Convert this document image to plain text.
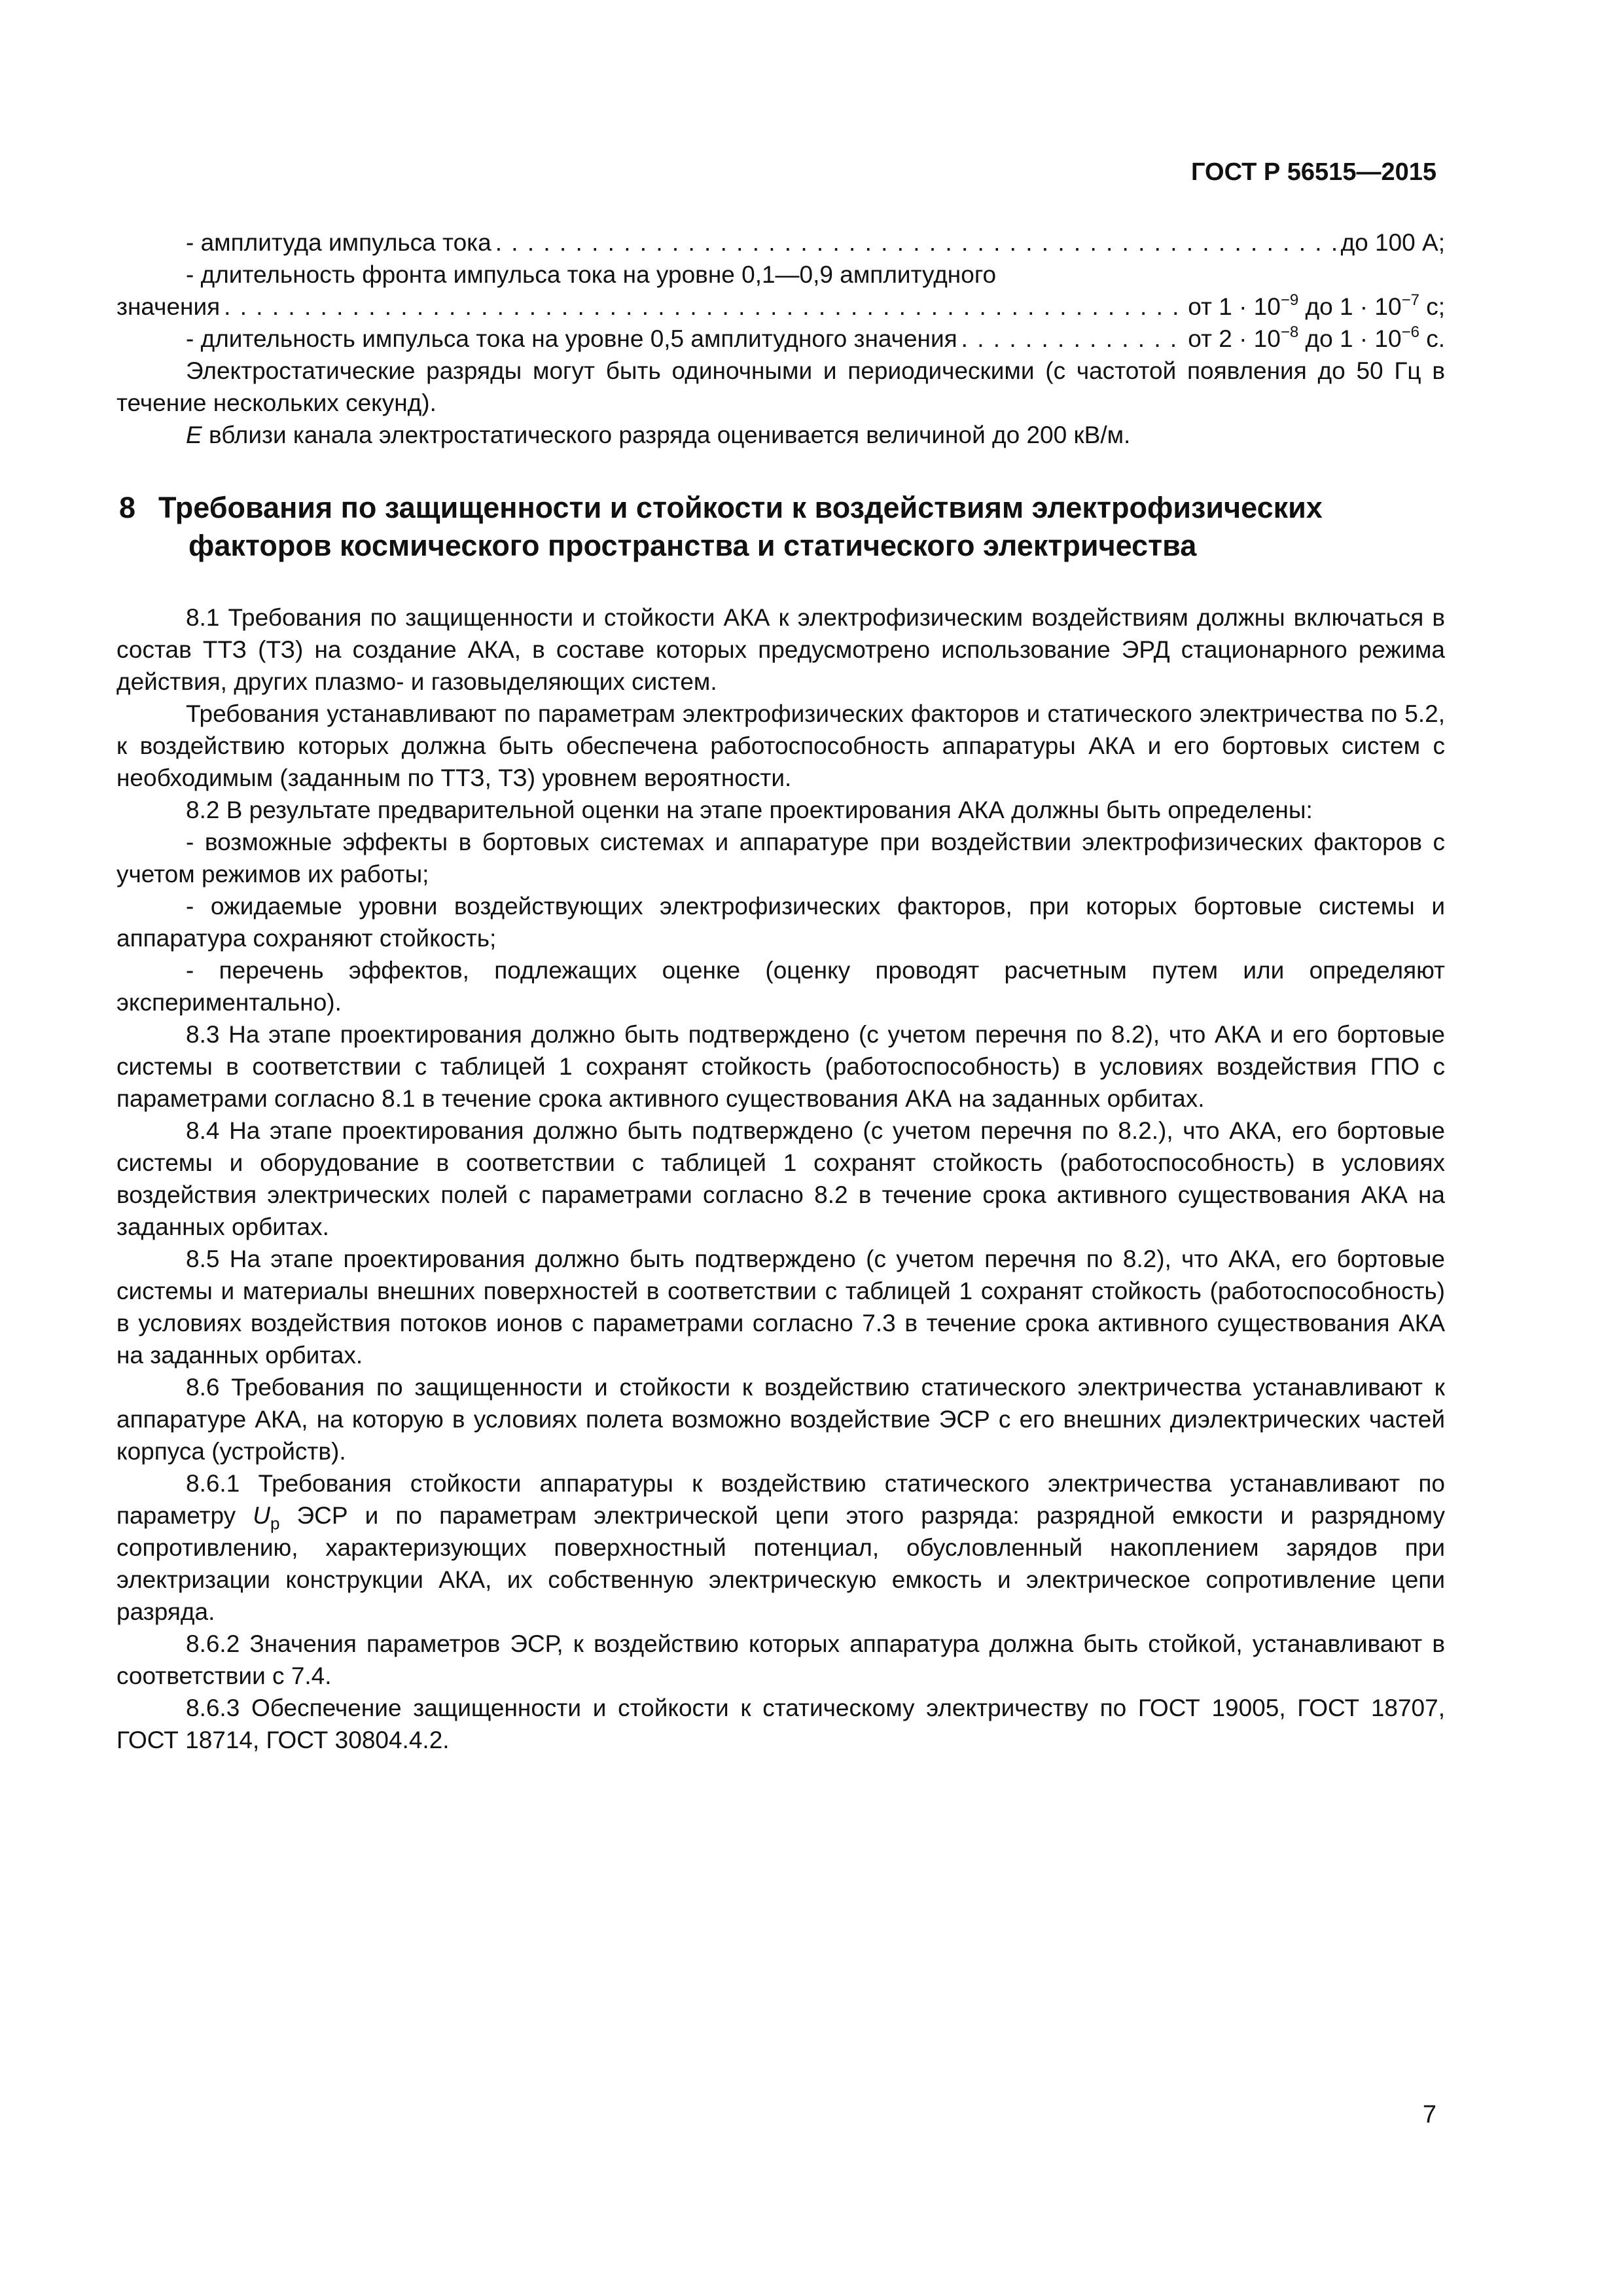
ГОСТ Р 56515—2015
- амплитуда импульса тока . . .	до 100 А;

- длительность фронта импульса тока на уровне 0,1—0,9 амплитудного

значения . . .	от $1 \cdot 10^{-9}$ до $1 \cdot 10^{-7}$ с;
- длительность импульса тока на уровне 0,5 амплитудного значения . . .	от $2 \cdot 10^{-8}$ до $1 \cdot 10^{-6}$ с.

Электростатические разряды могут быть одиночными и периодическими (с частотой появления до 50 Гц в течение нескольких секунд).

E вблизи канала электростатического разряда оценивается величиной до 200 кВ/м.

8 Требования по защищенности и стойкости к воздействиям электрофизических факторов космического пространства и статического электричества

8.1 Требования по защищенности и стойкости АКА к электрофизическим воздействиям должны включаться в состав ТТЗ (ТЗ) на создание АКА, в составе которых предусмотрено использование ЭРД стационарного режима действия, других плазмо- и газовыделяющих систем.

Требования устанавливают по параметрам электрофизических факторов и статического электричества по 5.2, к воздействию которых должна быть обеспечена работоспособность аппаратуры АКА и его бортовых систем с необходимым (заданным по ТТЗ, ТЗ) уровнем вероятности.

8.2 В результате предварительной оценки на этапе проектирования АКА должны быть определены:

- возможные эффекты в бортовых системах и аппаратуре при воздействии электрофизических факторов с учетом режимов их работы;

- ожидаемые уровни воздействующих электрофизических факторов, при которых бортовые системы и аппаратура сохраняют стойкость;

- перечень эффектов, подлежащих оценке (оценку проводят расчетным путем или определяют экспериментально).

8.3 На этапе проектирования должно быть подтверждено (с учетом перечня по 8.2), что АКА и его бортовые системы в соответствии с таблицей 1 сохранят стойкость (работоспособность) в условиях воздействия ГПО с параметрами согласно 8.1 в течение срока активного существования АКА на заданных орбитах.

8.4 На этапе проектирования должно быть подтверждено (с учетом перечня по 8.2.), что АКА, его бортовые системы и оборудование в соответствии с таблицей 1 сохранят стойкость (работоспособность) в условиях воздействия электрических полей с параметрами согласно 8.2 в течение срока активного существования АКА на заданных орбитах.

8.5 На этапе проектирования должно быть подтверждено (с учетом перечня по 8.2), что АКА, его бортовые системы и материалы внешних поверхностей в соответствии с таблицей 1 сохранят стойкость (работоспособность) в условиях воздействия потоков ионов с параметрами согласно 7.3 в течение срока активного существования АКА на заданных орбитах.

8.6 Требования по защищенности и стойкости к воздействию статического электричества устанавливают к аппаратуре АКА, на которую в условиях полета возможно воздействие ЭСР с его внешних диэлектрических частей корпуса (устройств).

8.6.1 Требования стойкости аппаратуры к воздействию статического электричества устанавливают по параметру $U_р$ ЭСР и по параметрам электрической цепи этого разряда: разрядной емкости и разрядному сопротивлению, характеризующих поверхностный потенциал, обусловленный накоплением зарядов при электризации конструкции АКА, их собственную электрическую емкость и электрическое сопротивление цепи разряда.

8.6.2 Значения параметров ЭСР, к воздействию которых аппаратура должна быть стойкой, устанавливают в соответствии с 7.4.

8.6.3 Обеспечение защищенности и стойкости к статическому электричеству по ГОСТ 19005, ГОСТ 18707, ГОСТ 18714, ГОСТ 30804.4.2.

7
